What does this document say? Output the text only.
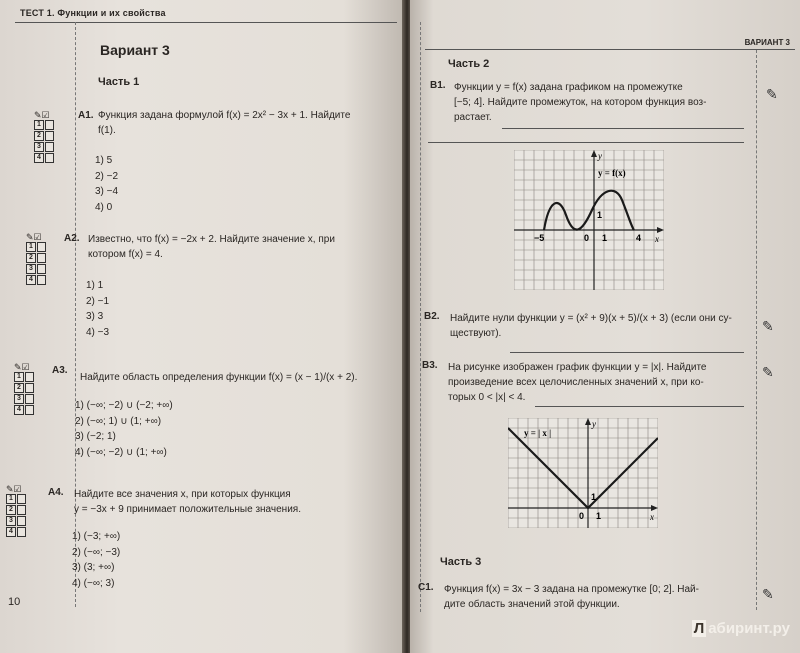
ТЕСТ 1. Функции и их свойства
Вариант 3
Часть 1
✎☑
1
2
3
4
А1. Функция задана формулой f(x) = 2x² − 3x + 1. Найдите
f(1).
1) 5
2) −2
3) −4
4) 0
✎☑
1
2
3
4
А2. Известно, что f(x) = −2x + 2. Найдите значение x, при
котором f(x) = 4.
1) 1
2) −1
3) 3
4) −3
✎☑
1
2
3
4
А3.
Найдите область определения функции f(x) = (x − 1)/(x + 2).
1) (−∞; −2) ∪ (−2; +∞)
2) (−∞; 1) ∪ (1; +∞)
3) (−2; 1)
4) (−∞; −2) ∪ (1; +∞)
✎☑
1
2
3
4
А4. Найдите все значения x, при которых функция
y = −3x + 9 принимает положительные значения.
1) (−3; +∞)
2) (−∞; −3)
3) (3; +∞)
4) (−∞; 3)
10
ВАРИАНТ 3
Часть 2
В1. Функции y = f(x) задана графиком на промежутке
[−5; 4]. Найдите промежуток, на котором функция воз-
растает.
✎
y
y = f(x)
x
−5	0 1	4
1
В2. Найдите нули функции y = (x² + 9)(x + 5)/(x + 3) (если они су-
ществуют).	✎
В3. На рисунке изображен график функции y = |x|. Найдите
произведение всех целочисленных значений x, при ко-
торых 0 < |x| < 4.
✎
y
y = | x |
x
0 1
1
Часть 3
С1. Функция f(x) = 3x − 3 задана на промежутке [0; 2]. Най-
дите область значений этой функции.
✎
Л абиринт.ру
